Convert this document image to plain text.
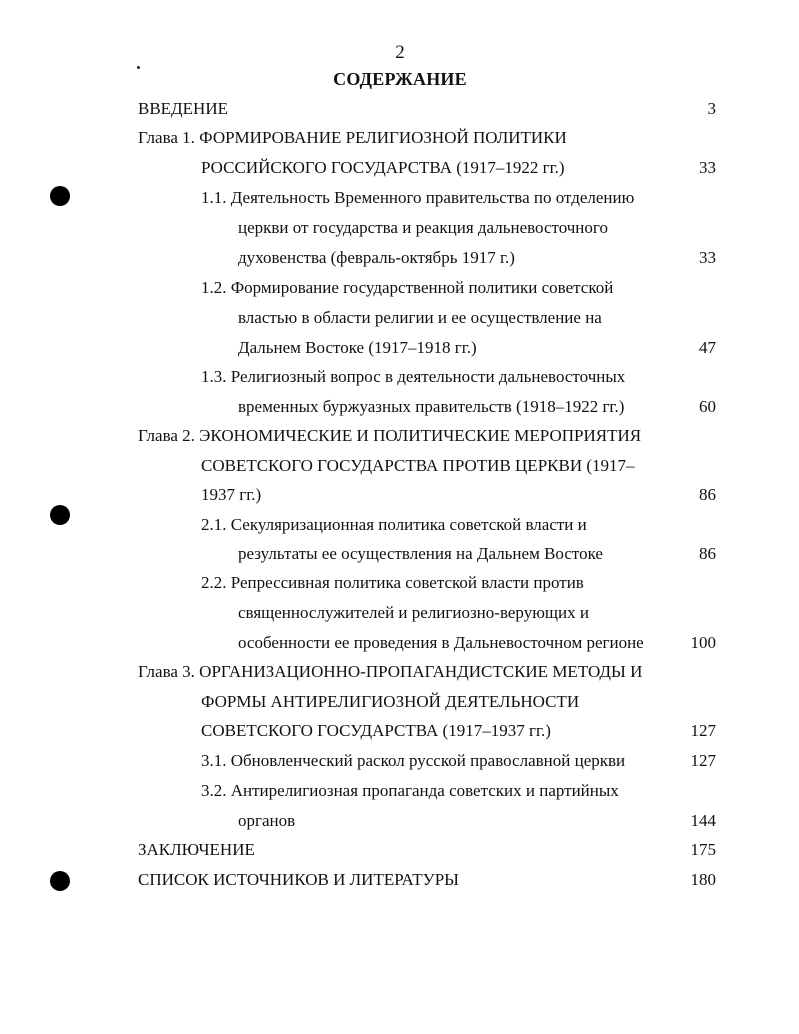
2
СОДЕРЖАНИЕ
ВВЕДЕНИЕ	3
Глава 1. ФОРМИРОВАНИЕ РЕЛИГИОЗНОЙ ПОЛИТИКИ
РОССИЙСКОГО ГОСУДАРСТВА (1917–1922 гг.)	33
1.1. Деятельность Временного правительства по отделению
церкви от государства и реакция дальневосточного
духовенства (февраль-октябрь 1917 г.)	33
1.2. Формирование государственной политики советской
властью в области религии и ее осуществление на
Дальнем Востоке (1917–1918 гг.)	47
1.3. Религиозный вопрос в деятельности дальневосточных
временных буржуазных правительств (1918–1922 гг.)	60
Глава 2. ЭКОНОМИЧЕСКИЕ И ПОЛИТИЧЕСКИЕ МЕРОПРИЯТИЯ
СОВЕТСКОГО ГОСУДАРСТВА ПРОТИВ ЦЕРКВИ (1917–
1937 гг.)	86
2.1. Секуляризационная политика советской власти и
результаты ее осуществления на Дальнем Востоке	86
2.2. Репрессивная политика советской власти против
священнослужителей и религиозно-верующих и
особенности ее проведения в Дальневосточном регионе	100
Глава 3. ОРГАНИЗАЦИОННО-ПРОПАГАНДИСТСКИЕ МЕТОДЫ И
ФОРМЫ АНТИРЕЛИГИОЗНОЙ ДЕЯТЕЛЬНОСТИ
СОВЕТСКОГО ГОСУДАРСТВА (1917–1937 гг.)	127
3.1. Обновленческий раскол русской православной церкви	127
3.2. Антирелигиозная пропаганда советских и партийных
органов	144
ЗАКЛЮЧЕНИЕ	175
СПИСОК ИСТОЧНИКОВ И ЛИТЕРАТУРЫ	180
